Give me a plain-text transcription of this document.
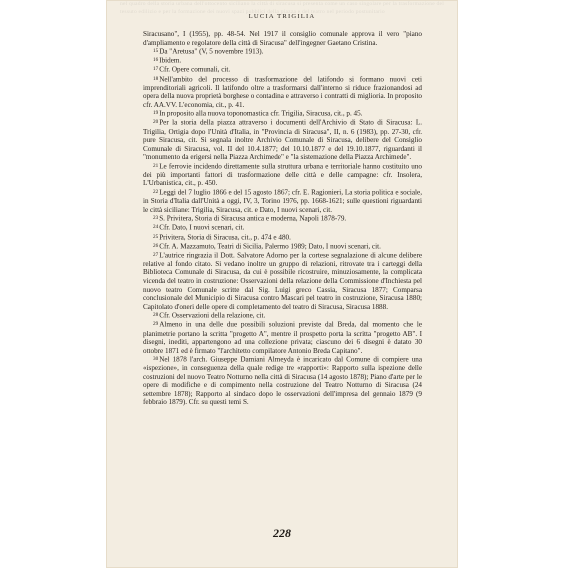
nel quadro della storia urbana dell'ottocento siciliano la città di siracusa si presenta come un caso singolare per la trasformazione del tessuto edilizio e per la formazione dei nuovi spazi pubblici della piazza e del teatro nel periodo postunitario
LUCIA TRIGILIA

Siracusano", I (1955), pp. 48-54. Nel 1917 il consiglio comunale approva il vero "piano d'ampliamento e regolatore della città di Siracusa" dell'ingegner Gaetano Cristina.

$^{15}$Da "Aretusa" (V, 5 novembre 1913).

$^{16}$Ibidem.

$^{17}$Cfr. Opere comunali, cit.

$^{18}$Nell'ambito del processo di trasformazione del latifondo si formano nuovi ceti imprenditoriali agricoli. Il latifondo oltre a trasformarsi dall'interno si riduce frazionandosi ad opera della nuova proprietà borghese o contadina e attraverso i contratti di miglioria. In proposito cfr. AA.VV. L'economia, cit., p. 41.

$^{19}$In proposito alla nuova toponomastica cfr. Trigilia, Siracusa, cit., p. 45.

$^{20}$Per la storia della piazza attraverso i documenti dell'Archivio di Stato di Siracusa: L. Trigilia, Ortigia dopo l'Unità d'Italia, in "Provincia di Siracusa", II, n. 6 (1983), pp. 27-30, cfr. pure Siracusa, cit. Si segnala inoltre Archivio Comunale di Siracusa, delibere del Consiglio Comunale di Siracusa, vol. II del 10.4.1877; del 10.10.1877 e del 19.10.1877, riguardanti il "monumento da erigersi nella Piazza Archimede" e "la sistemazione della Piazza Archimede".

$^{21}$Le ferrovie incidendo direttamente sulla struttura urbana e territoriale hanno costituito uno dei più importanti fattori di trasformazione delle città e delle campagne: cfr. Insolera, L'Urbanistica, cit., p. 450.

$^{22}$Leggi del 7 luglio 1866 e del 15 agosto 1867; cfr. E. Ragionieri, La storia politica e sociale, in Storia d'Italia dall'Unità a oggi, IV, 3, Torino 1976, pp. 1668-1621; sulle questioni riguardanti le città siciliane: Trigilia, Siracusa, cit. e Dato, I nuovi scenari, cit.

$^{23}$S. Privitera, Storia di Siracusa antica e moderna, Napoli 1878-79.

$^{24}$Cfr. Dato, I nuovi scenari, cit.

$^{25}$Privitera, Storia di Siracusa, cit., p. 474 e 480.

$^{26}$Cfr. A. Mazzamuto, Teatri di Sicilia, Palermo 1989; Dato, I nuovi scenari, cit.

$^{27}$L'autrice ringrazia il Dott. Salvatore Adorno per la cortese segnalazione di alcune delibere relative al fondo citato. Si vedano inoltre un gruppo di relazioni, ritrovate tra i carteggi della Biblioteca Comunale di Siracusa, da cui è possibile ricostruire, minuziosamente, la complicata vicenda del teatro in costruzione: Osservazioni della relazione della Commissione d'Inchiesta pel nuovo teatro Comunale scritte dal Sig. Luigi greco Cassia, Siracusa 1877; Comparsa conclusionale del Municipio di Siracusa contro Mascari pel teatro in costruzione, Siracusa 1880; Capitolato d'oneri delle opere di completamento del teatro di Siracusa, Siracusa 1888.

$^{28}$Cfr. Osservazioni della relazione, cit.

$^{29}$Almeno in una delle due possibili soluzioni previste dal Breda, dal momento che le planimetrie portano la scritta "progetto A", mentre il prospetto porta la scritta "progetto AB". I disegni, inediti, appartengono ad una collezione privata; ciascuno dei 6 disegni è datato 30 ottobre 1871 ed è firmato "l'architetto compilatore Antonio Breda Capitano".

$^{30}$Nel 1878 l'arch. Giuseppe Damiani Almeyda è incaricato dal Comune di compiere una «ispezione», in conseguenza della quale redige tre «rapporti»: Rapporto sulla ispezione delle costruzioni del nuovo Teatro Notturno nella città di Siracusa (14 agosto 1878); Piano d'arte per le opere di modifiche e di compimento nella costruzione del Teatro Notturno di Siracusa (24 settembre 1878); Rapporto al sindaco dopo le osservazioni dell'impresa del gennaio 1879 (9 febbraio 1879). Cfr. su questi temi S.

228
